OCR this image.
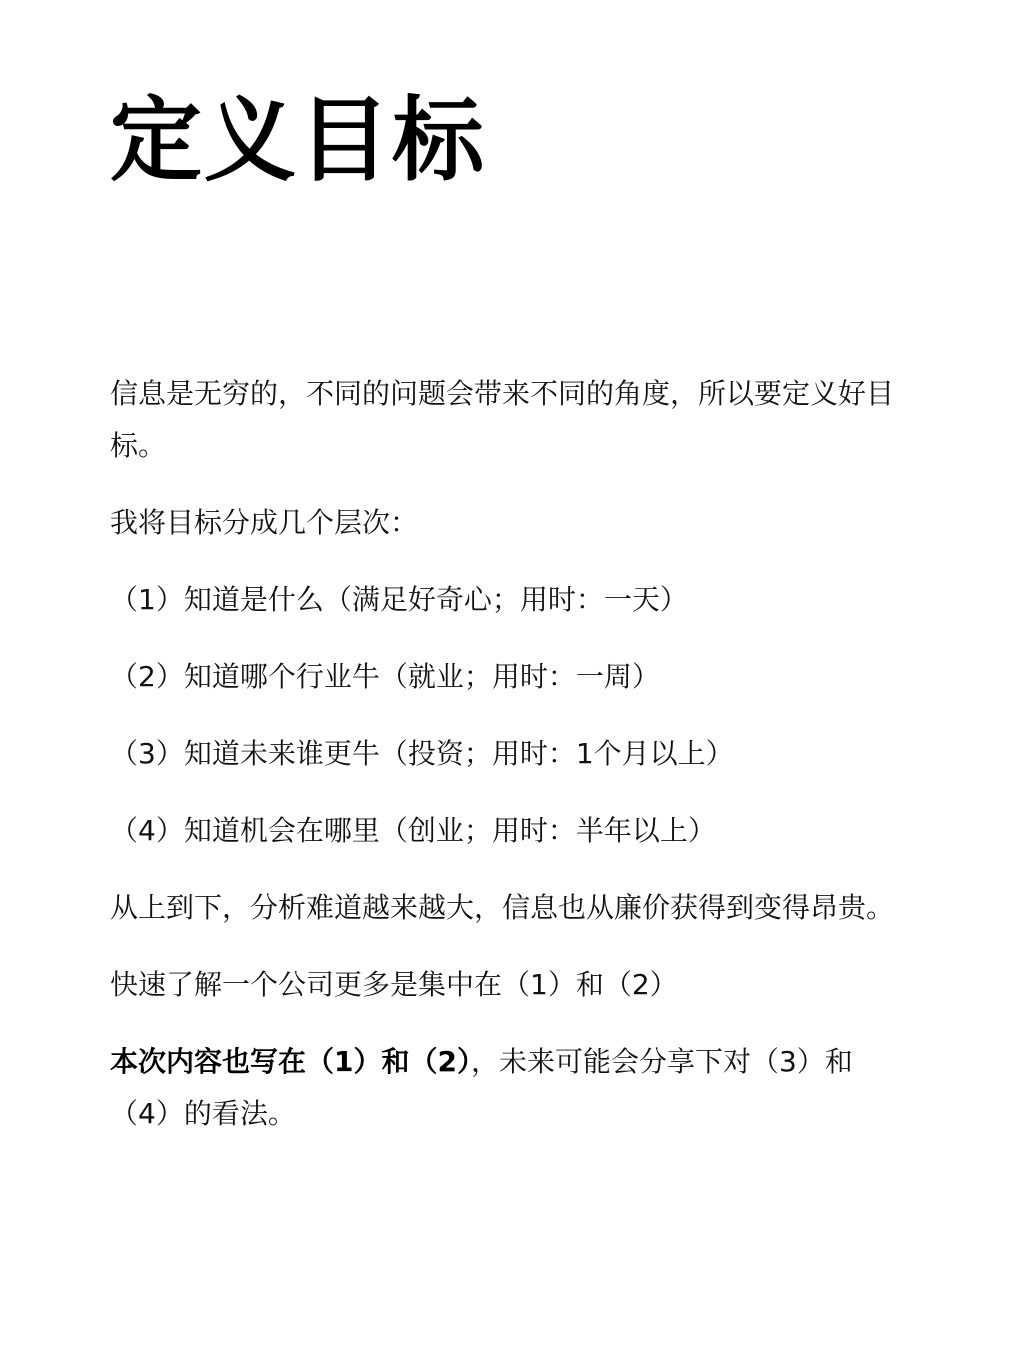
定义目标

信息是无穷的，不同的问题会带来不同的角度，所以要定义好目标。

我将目标分成几个层次：

（1）知道是什么（满足好奇心；用时：一天）

（2）知道哪个行业牛（就业；用时：一周）

（3）知道未来谁更牛（投资；用时：1个月以上）

（4）知道机会在哪里（创业；用时：半年以上）

从上到下，分析难道越来越大，信息也从廉价获得到变得昂贵。

快速了解一个公司更多是集中在（1）和（2）

本次内容也写在（1）和（2），未来可能会分享下对（3）和（4）的看法。
